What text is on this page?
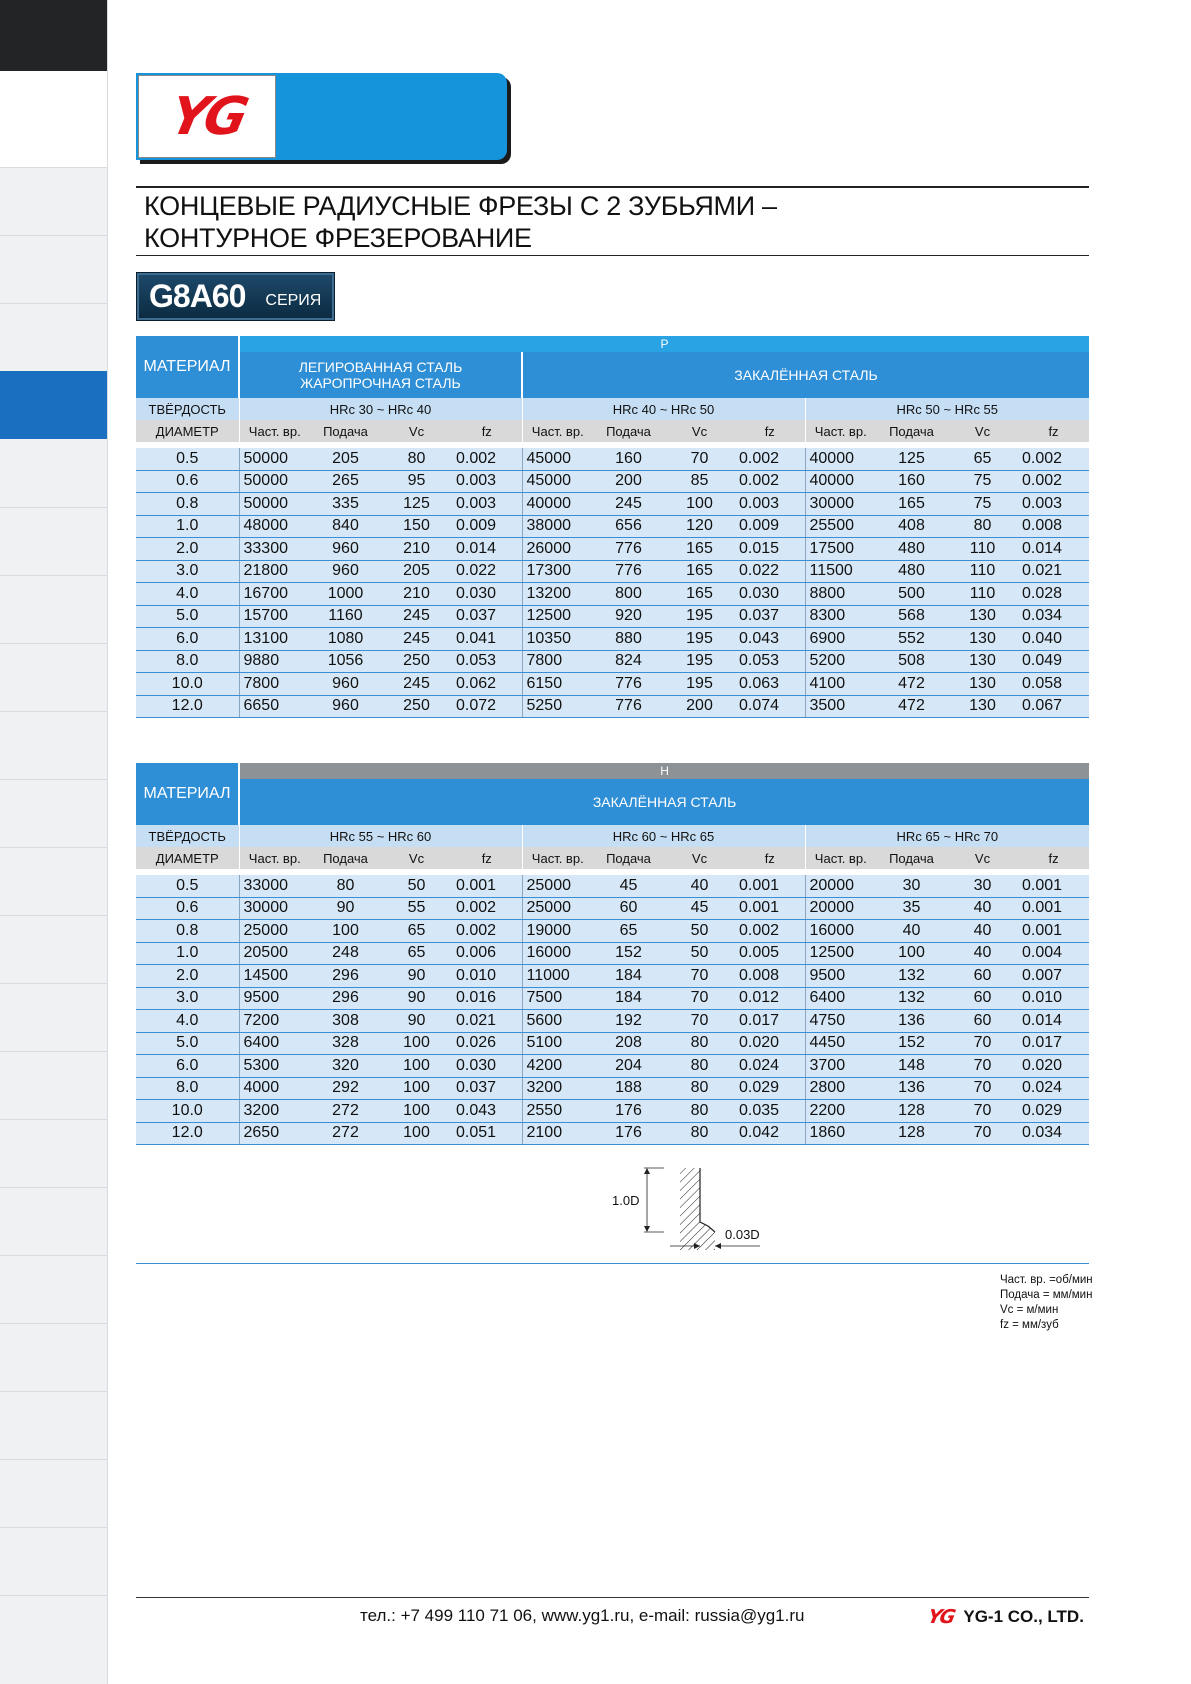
YG
КОНЦЕВЫЕ РАДИУСНЫЕ ФРЕЗЫ С 2 ЗУБЬЯМИ –
КОНТУРНОЕ ФРЕЗЕРОВАНИЕ
G8A60 СЕРИЯ
МАТЕРИАЛ	P											

	ЛЕГИРОВАННАЯ СТАЛЬ
ЖАРОПРОЧНАЯ СТАЛЬ				ЗАКАЛЁННАЯ СТАЛЬ							
ТВЁРДОСТЬ	HRc 30 ~ HRc 40				HRc 40 ~ HRc 50				HRc 50 ~ HRc 55			
ДИАМЕТР	Част. вр.	Подача	Vc	fz	Част. вр.	Подача	Vc	fz	Част. вр.	Подача	Vc	fz

0.5	50000	205	80	0.002	45000	160	70	0.002	40000	125	65	0.002
0.6	50000	265	95	0.003	45000	200	85	0.002	40000	160	75	0.002
0.8	50000	335	125	0.003	40000	245	100	0.003	30000	165	75	0.003
1.0	48000	840	150	0.009	38000	656	120	0.009	25500	408	80	0.008
2.0	33300	960	210	0.014	26000	776	165	0.015	17500	480	110	0.014
3.0	21800	960	205	0.022	17300	776	165	0.022	11500	480	110	0.021
4.0	16700	1000	210	0.030	13200	800	165	0.030	8800	500	110	0.028
5.0	15700	1160	245	0.037	12500	920	195	0.037	8300	568	130	0.034
6.0	13100	1080	245	0.041	10350	880	195	0.043	6900	552	130	0.040
8.0	9880	1056	250	0.053	7800	824	195	0.053	5200	508	130	0.049
10.0	7800	960	245	0.062	6150	776	195	0.063	4100	472	130	0.058
12.0	6650	960	250	0.072	5250	776	200	0.074	3500	472	130	0.067
МАТЕРИАЛ	H											
	ЗАКАЛЁННАЯ СТАЛЬ											
ТВЁРДОСТЬ	HRc 55 ~ HRc 60				HRc 60 ~ HRc 65				HRc 65 ~ HRc 70			
ДИАМЕТР	Част. вр.	Подача	Vc	fz	Част. вр.	Подача	Vc	fz	Част. вр.	Подача	Vc	fz

0.5	33000	80	50	0.001	25000	45	40	0.001	20000	30	30	0.001
0.6	30000	90	55	0.002	25000	60	45	0.001	20000	35	40	0.001
0.8	25000	100	65	0.002	19000	65	50	0.002	16000	40	40	0.001
1.0	20500	248	65	0.006	16000	152	50	0.005	12500	100	40	0.004
2.0	14500	296	90	0.010	11000	184	70	0.008	9500	132	60	0.007
3.0	9500	296	90	0.016	7500	184	70	0.012	6400	132	60	0.010
4.0	7200	308	90	0.021	5600	192	70	0.017	4750	136	60	0.014
5.0	6400	328	100	0.026	5100	208	80	0.020	4450	152	70	0.017
6.0	5300	320	100	0.030	4200	204	80	0.024	3700	148	70	0.020
8.0	4000	292	100	0.037	3200	188	80	0.029	2800	136	70	0.024
10.0	3200	272	100	0.043	2550	176	80	0.035	2200	128	70	0.029
12.0	2650	272	100	0.051	2100	176	80	0.042	1860	128	70	0.034
1.0D
0.03D
Част. вр. =об/мин
Подача = мм/мин
Vc = м/мин
fz = мм/зуб
тел.: +7 499 110 71 06, www.yg1.ru, e-mail: russia@yg1.ru	YG YG-1 CO., LTD.
